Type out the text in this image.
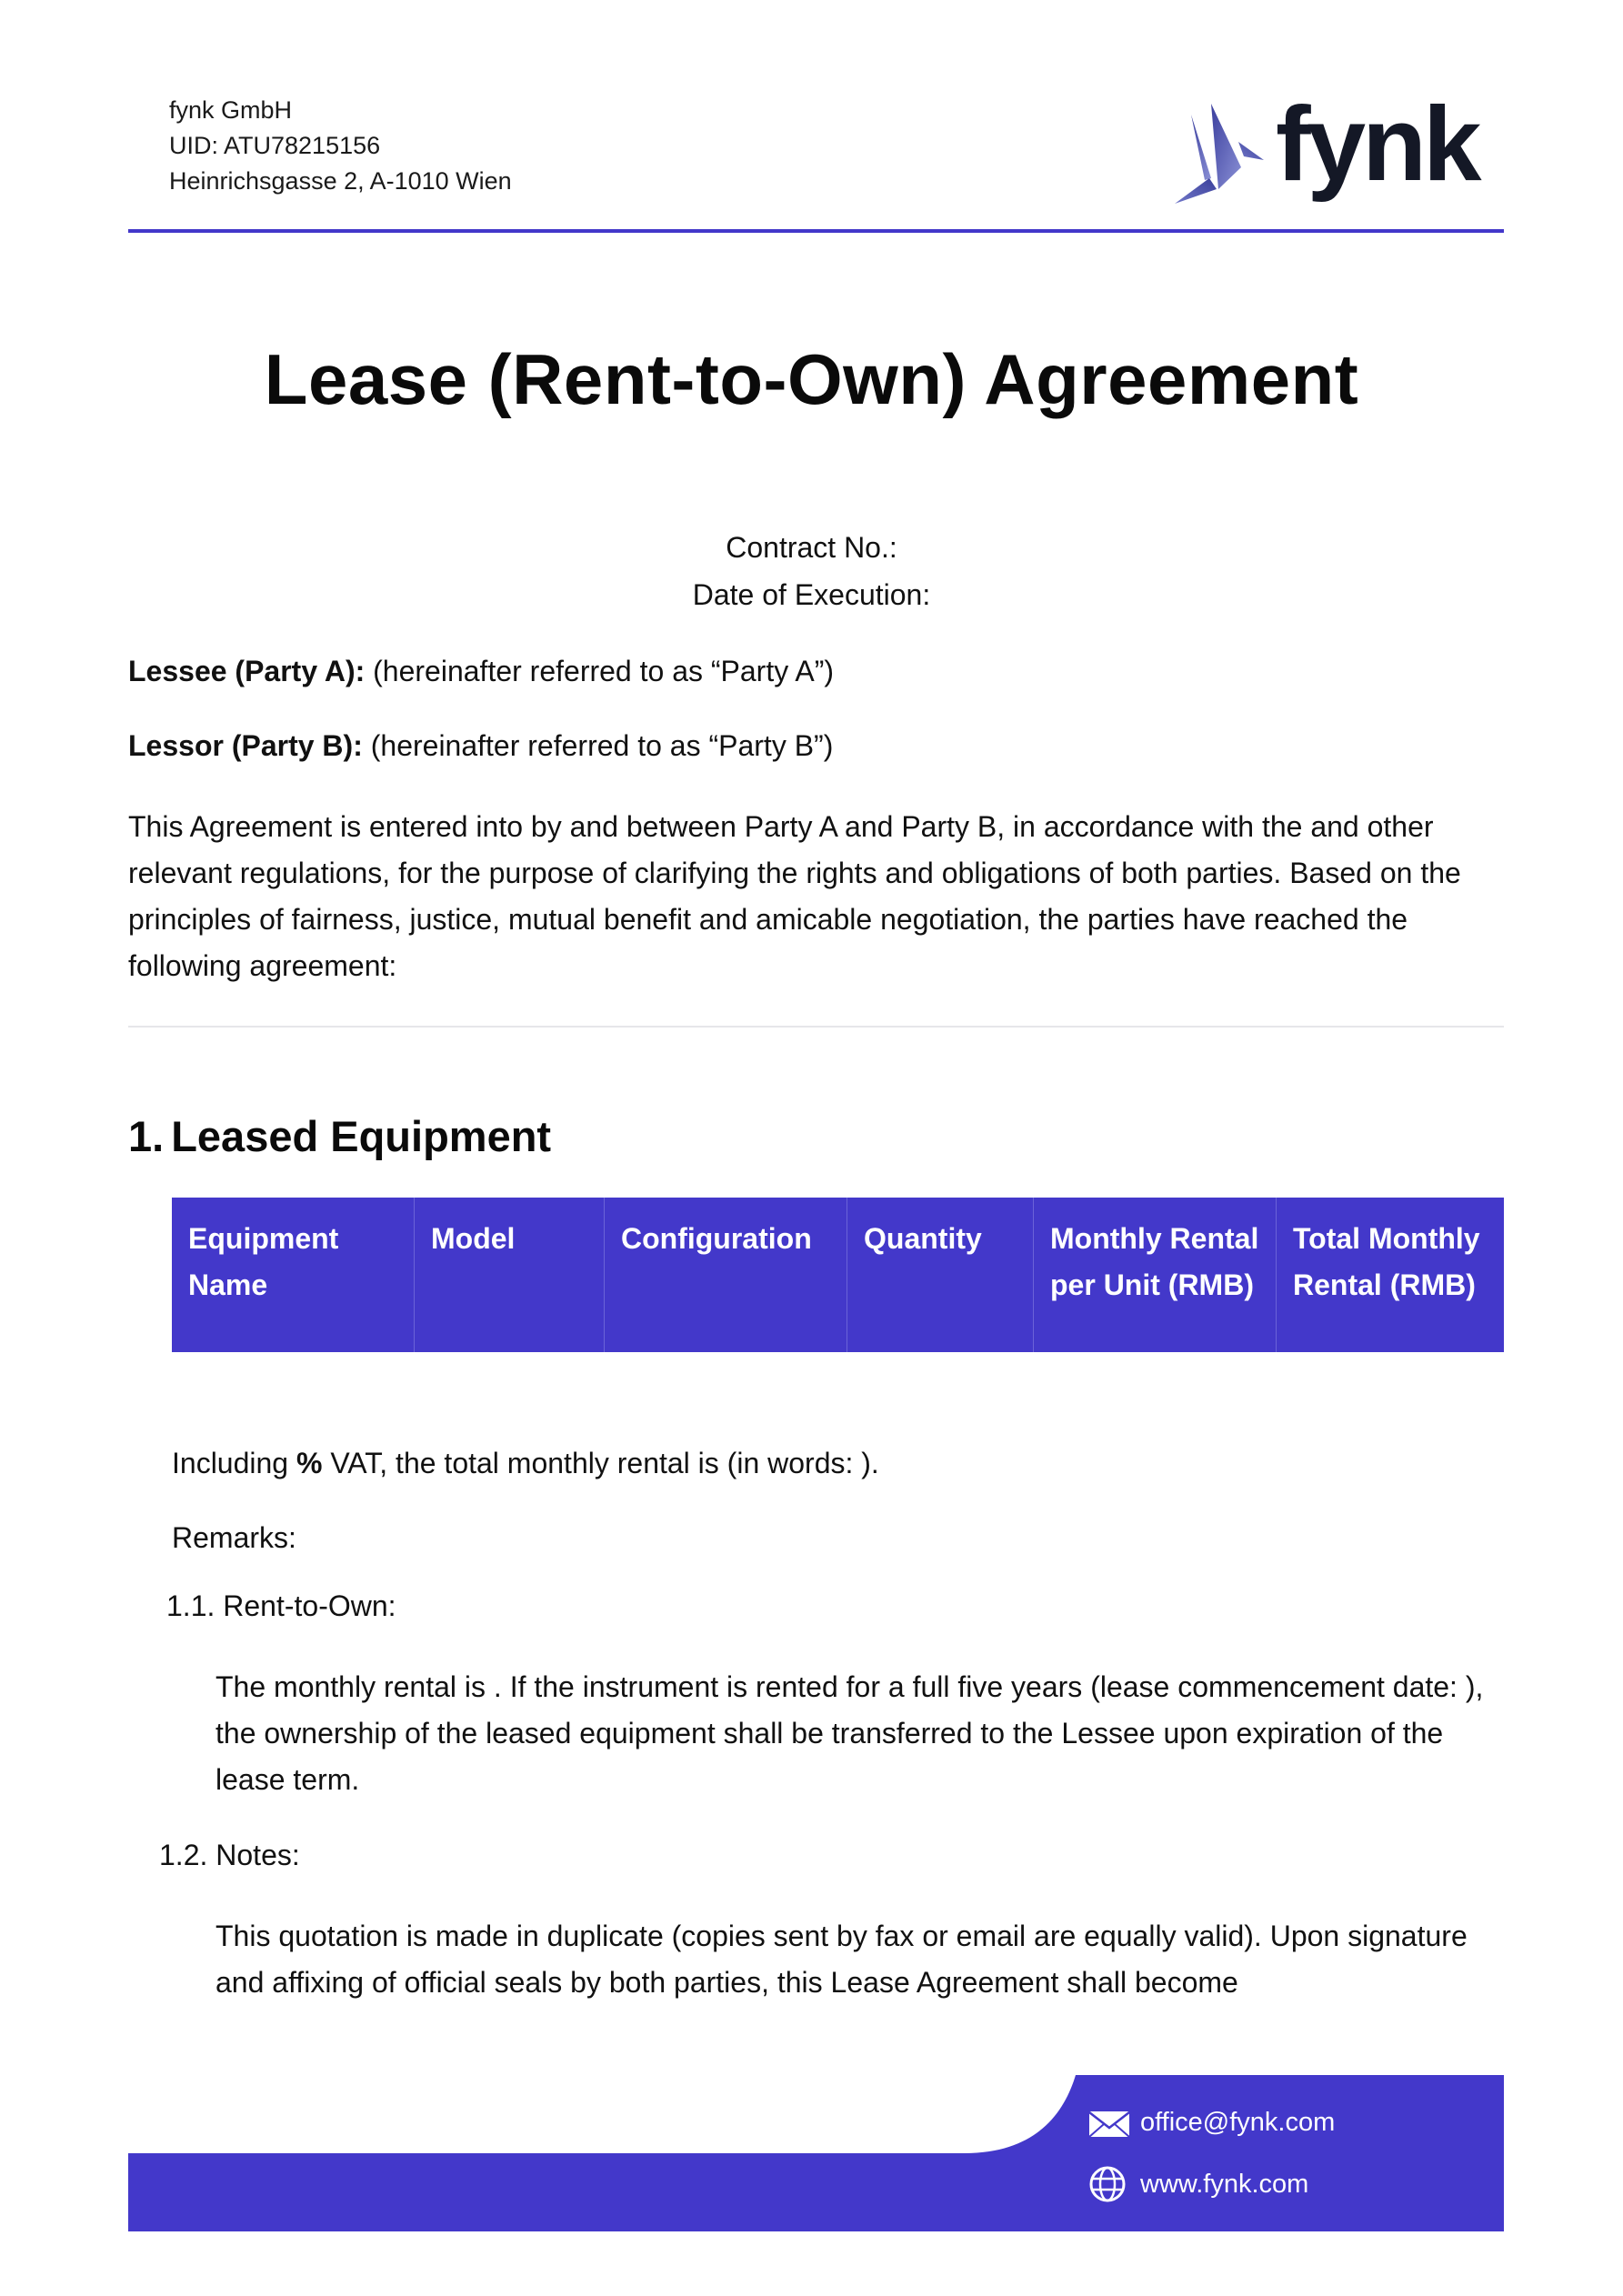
fynk GmbH
UID: ATU78215156
Heinrichsgasse 2, A-1010 Wien	fynk
Lease (Rent-to-Own) Agreement
Contract No.:
Date of Execution:
Lessee (Party A): (hereinafter referred to as “Party A”)
Lessor (Party B): (hereinafter referred to as “Party B”)
This Agreement is entered into by and between Party A and Party B, in accordance with the and other relevant regulations, for the purpose of clarifying the rights and obligations of both parties. Based on the principles of fairness, justice, mutual benefit and amicable negotiation, the parties have reached the following agreement:
1. Leased Equipment
Equipment Name	Model	Configuration	Quantity	Monthly Rental per Unit (RMB)	Total Monthly Rental (RMB)
Including % VAT, the total monthly rental is (in words: ).
Remarks:
1.1. Rent-to-Own:
The monthly rental is . If the instrument is rented for a full five years (lease commencement date: ), the ownership of the leased equipment shall be transferred to the Lessee upon expiration of the lease term.
1.2. Notes:
This quotation is made in duplicate (copies sent by fax or email are equally valid). Upon signature and affixing of official seals by both parties, this Lease Agreement shall become
office@fynk.com
www.fynk.com
